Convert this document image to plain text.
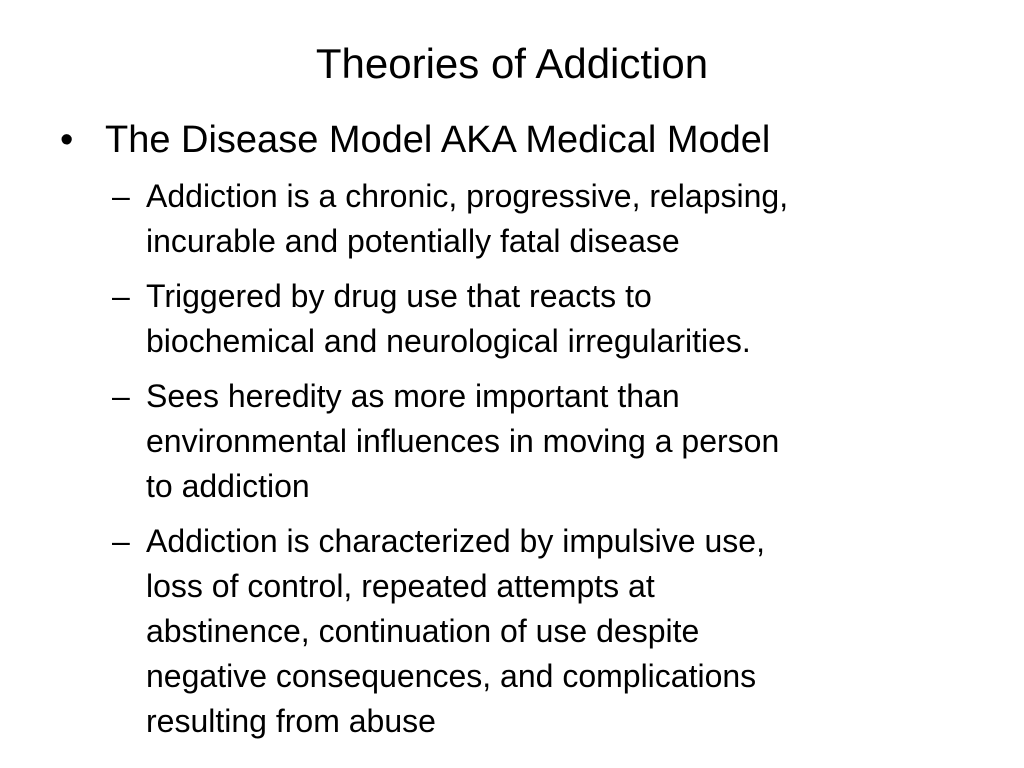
Theories of Addiction
• The Disease Model AKA Medical Model
– Addiction is a chronic, progressive, relapsing,
incurable and potentially fatal disease
– Triggered by drug use that reacts to
biochemical and neurological irregularities.
– Sees heredity as more important than
environmental influences in moving a person
to addiction
– Addiction is characterized by impulsive use,
loss of control, repeated attempts at
abstinence, continuation of use despite
negative consequences, and complications
resulting from abuse
